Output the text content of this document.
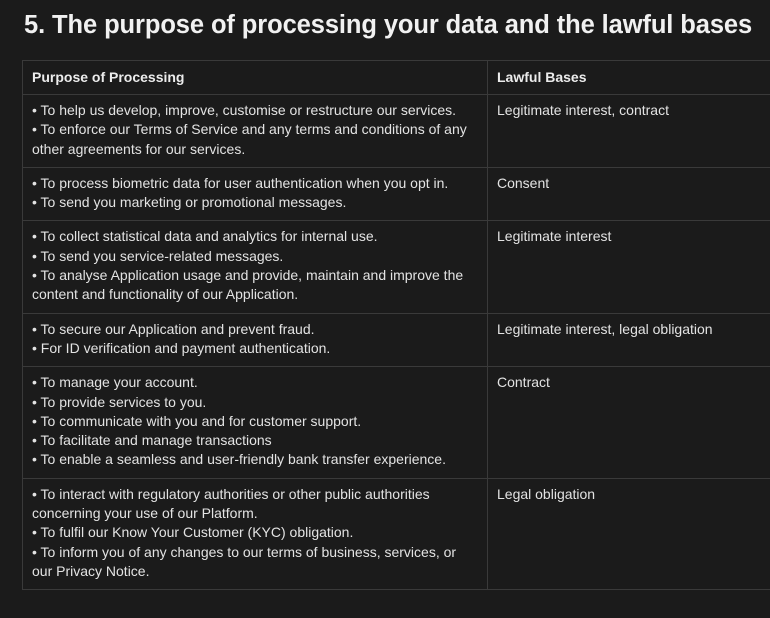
5. The purpose of processing your data and the lawful bases
Purpose of Processing	Lawful Bases

• To help us develop, improve, customise or restructure our services.
• To enforce our Terms of Service and any terms and conditions of any other agreements for our services.	Legitimate interest, contract

• To process biometric data for user authentication when you opt in.
• To send you marketing or promotional messages.	Consent

• To collect statistical data and analytics for internal use.
• To send you service-related messages.
• To analyse Application usage and provide, maintain and improve the content and functionality of our Application.	Legitimate interest

• To secure our Application and prevent fraud.
• For ID verification and payment authentication.	Legitimate interest, legal obligation

• To manage your account.
• To provide services to you.
• To communicate with you and for customer support.
• To facilitate and manage transactions
• To enable a seamless and user-friendly bank transfer experience.	Contract

• To interact with regulatory authorities or other public authorities concerning your use of our Platform.
• To fulfil our Know Your Customer (KYC) obligation.
• To inform you of any changes to our terms of business, services, or our Privacy Notice.	Legal obligation
